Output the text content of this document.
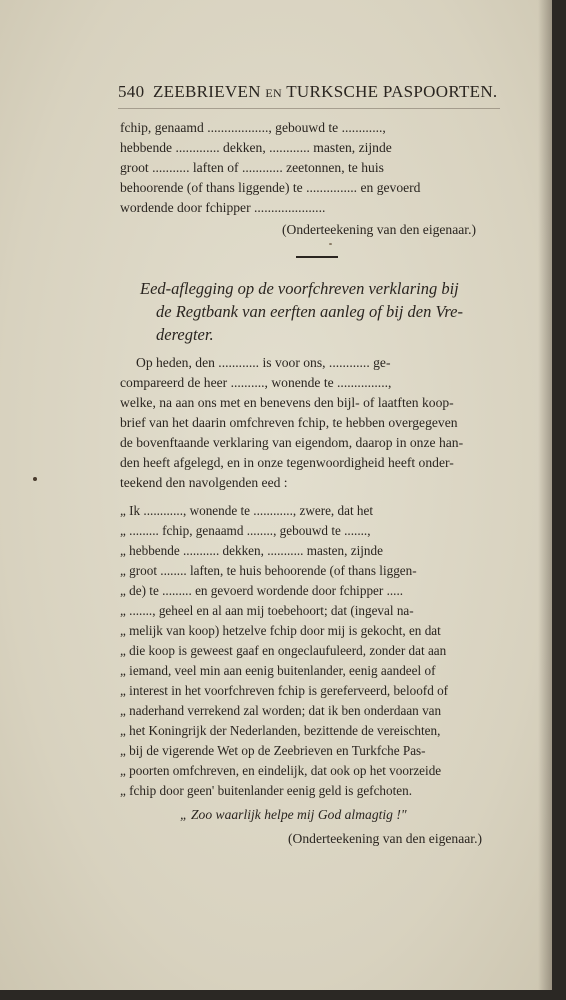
540 ZEEBRIEVEN EN TURKSCHE PASPOORTEN.
fchip, genaamd .................., gebouwd te ............,
hebbende ............. dekken, ............ masten, zijnde
groot ........... laften of ............ zeetonnen, te huis
behoorende (of thans liggende) te ............... en gevoerd
wordende door fchipper .....................
(Onderteekening van den eigenaar.)
Eed-aflegging op de voorfchreven verklaring bij
de Regtbank van eerften aanleg of bij den Vre-
deregter.
Op heden, den ............ is voor ons, ............ ge-
compareerd de heer .........., wonende te ...............,
welke, na aan ons met en benevens den bijl- of laatften koop-
brief van het daarin omfchreven fchip, te hebben overgegeven
de bovenftaande verklaring van eigendom, daarop in onze han-
den heeft afgelegd, en in onze tegenwoordigheid heeft onder-
teekend den navolgenden eed :
„ Ik ............, wonende te ............, zwere, dat het
„ ......... fchip, genaamd ........, gebouwd te .......,
„ hebbende ........... dekken, ........... masten, zijnde
„ groot ........ laften, te huis behoorende (of thans liggen-
„ de) te ......... en gevoerd wordende door fchipper .....
„ ......., geheel en al aan mij toebehoort; dat (ingeval na-
„ melijk van koop) hetzelve fchip door mij is gekocht, en dat
„ die koop is geweest gaaf en ongeclaufuleerd, zonder dat aan
„ iemand, veel min aan eenig buitenlander, eenig aandeel of
„ interest in het voorfchreven fchip is gereferveerd, beloofd of
„ naderhand verrekend zal worden; dat ik ben onderdaan van
„ het Koningrijk der Nederlanden, bezittende de vereischten,
„ bij de vigerende Wet op de Zeebrieven en Turkfche Pas-
„ poorten omfchreven, en eindelijk, dat ook op het voorzeide
„ fchip door geen' buitenlander eenig geld is gefchoten.
„ Zoo waarlijk helpe mij God almagtig !"
(Onderteekening van den eigenaar.)
